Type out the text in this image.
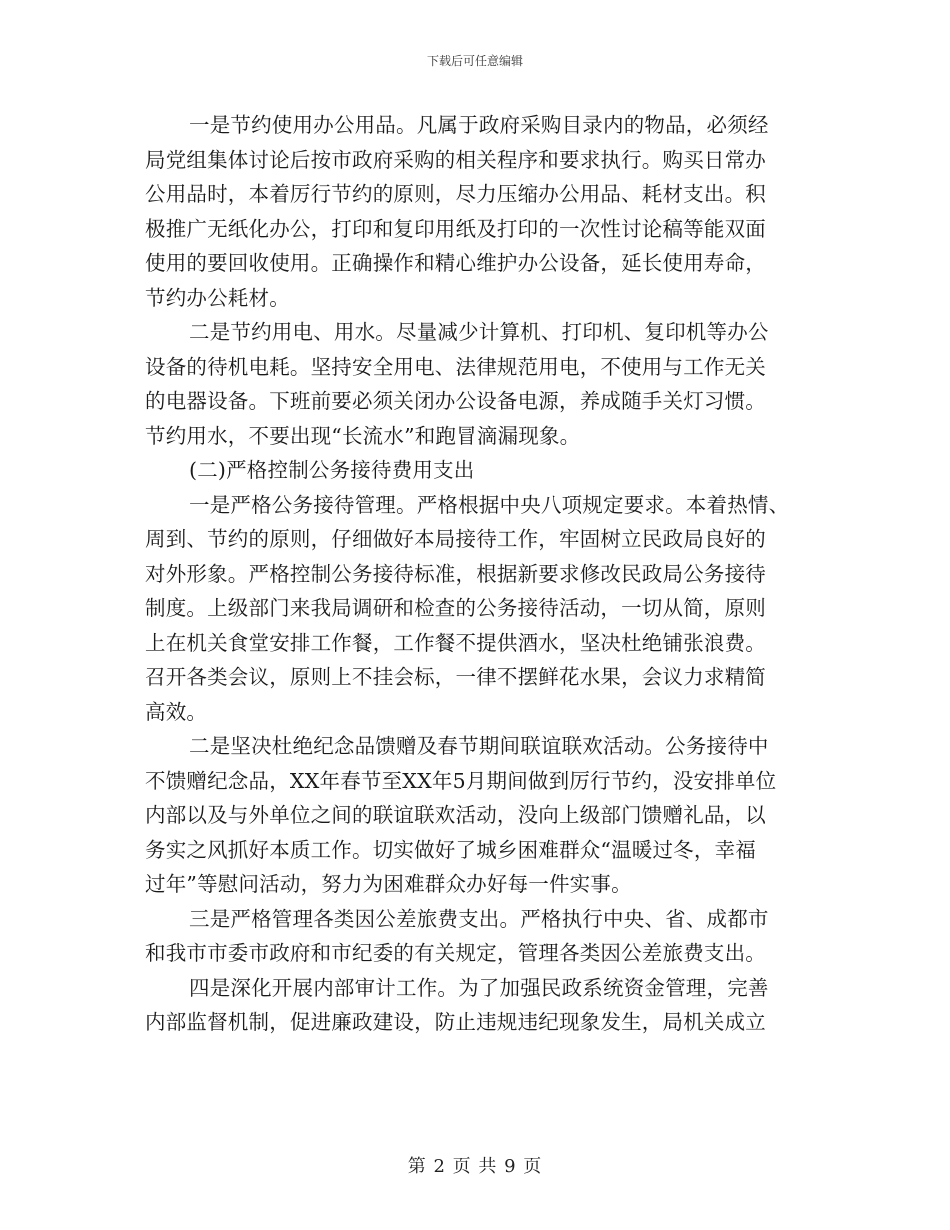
下载后可任意编辑
一是节约使用办公用品。凡属于政府采购目录内的物品，必须经
局党组集体讨论后按市政府采购的相关程序和要求执行。购买日常办
公用品时，本着厉行节约的原则，尽力压缩办公用品、耗材支出。积
极推广无纸化办公，打印和复印用纸及打印的一次性讨论稿等能双面
使用的要回收使用。正确操作和精心维护办公设备，延长使用寿命，
节约办公耗材。
二是节约用电、用水。尽量减少计算机、打印机、复印机等办公
设备的待机电耗。坚持安全用电、法律规范用电，不使用与工作无关
的电器设备。下班前要必须关闭办公设备电源，养成随手关灯习惯。
节约用水，不要出现“长流水”和跑冒滴漏现象。
(二)严格控制公务接待费用支出
一是严格公务接待管理。严格根据中央八项规定要求。本着热情、
周到、节约的原则，仔细做好本局接待工作，牢固树立民政局良好的
对外形象。严格控制公务接待标准，根据新要求修改民政局公务接待
制度。上级部门来我局调研和检查的公务接待活动，一切从简，原则
上在机关食堂安排工作餐，工作餐不提供酒水，坚决杜绝铺张浪费。
召开各类会议，原则上不挂会标，一律不摆鲜花水果，会议力求精简
高效。
二是坚决杜绝纪念品馈赠及春节期间联谊联欢活动。公务接待中
不馈赠纪念品，XX年春节至XX年5月期间做到厉行节约，没安排单位
内部以及与外单位之间的联谊联欢活动，没向上级部门馈赠礼品，以
务实之风抓好本质工作。切实做好了城乡困难群众“温暖过冬，幸福
过年”等慰问活动，努力为困难群众办好每一件实事。
三是严格管理各类因公差旅费支出。严格执行中央、省、成都市
和我市市委市政府和市纪委的有关规定，管理各类因公差旅费支出。
四是深化开展内部审计工作。为了加强民政系统资金管理，完善
内部监督机制，促进廉政建设，防止违规违纪现象发生，局机关成立
第 2 页 共 9 页
